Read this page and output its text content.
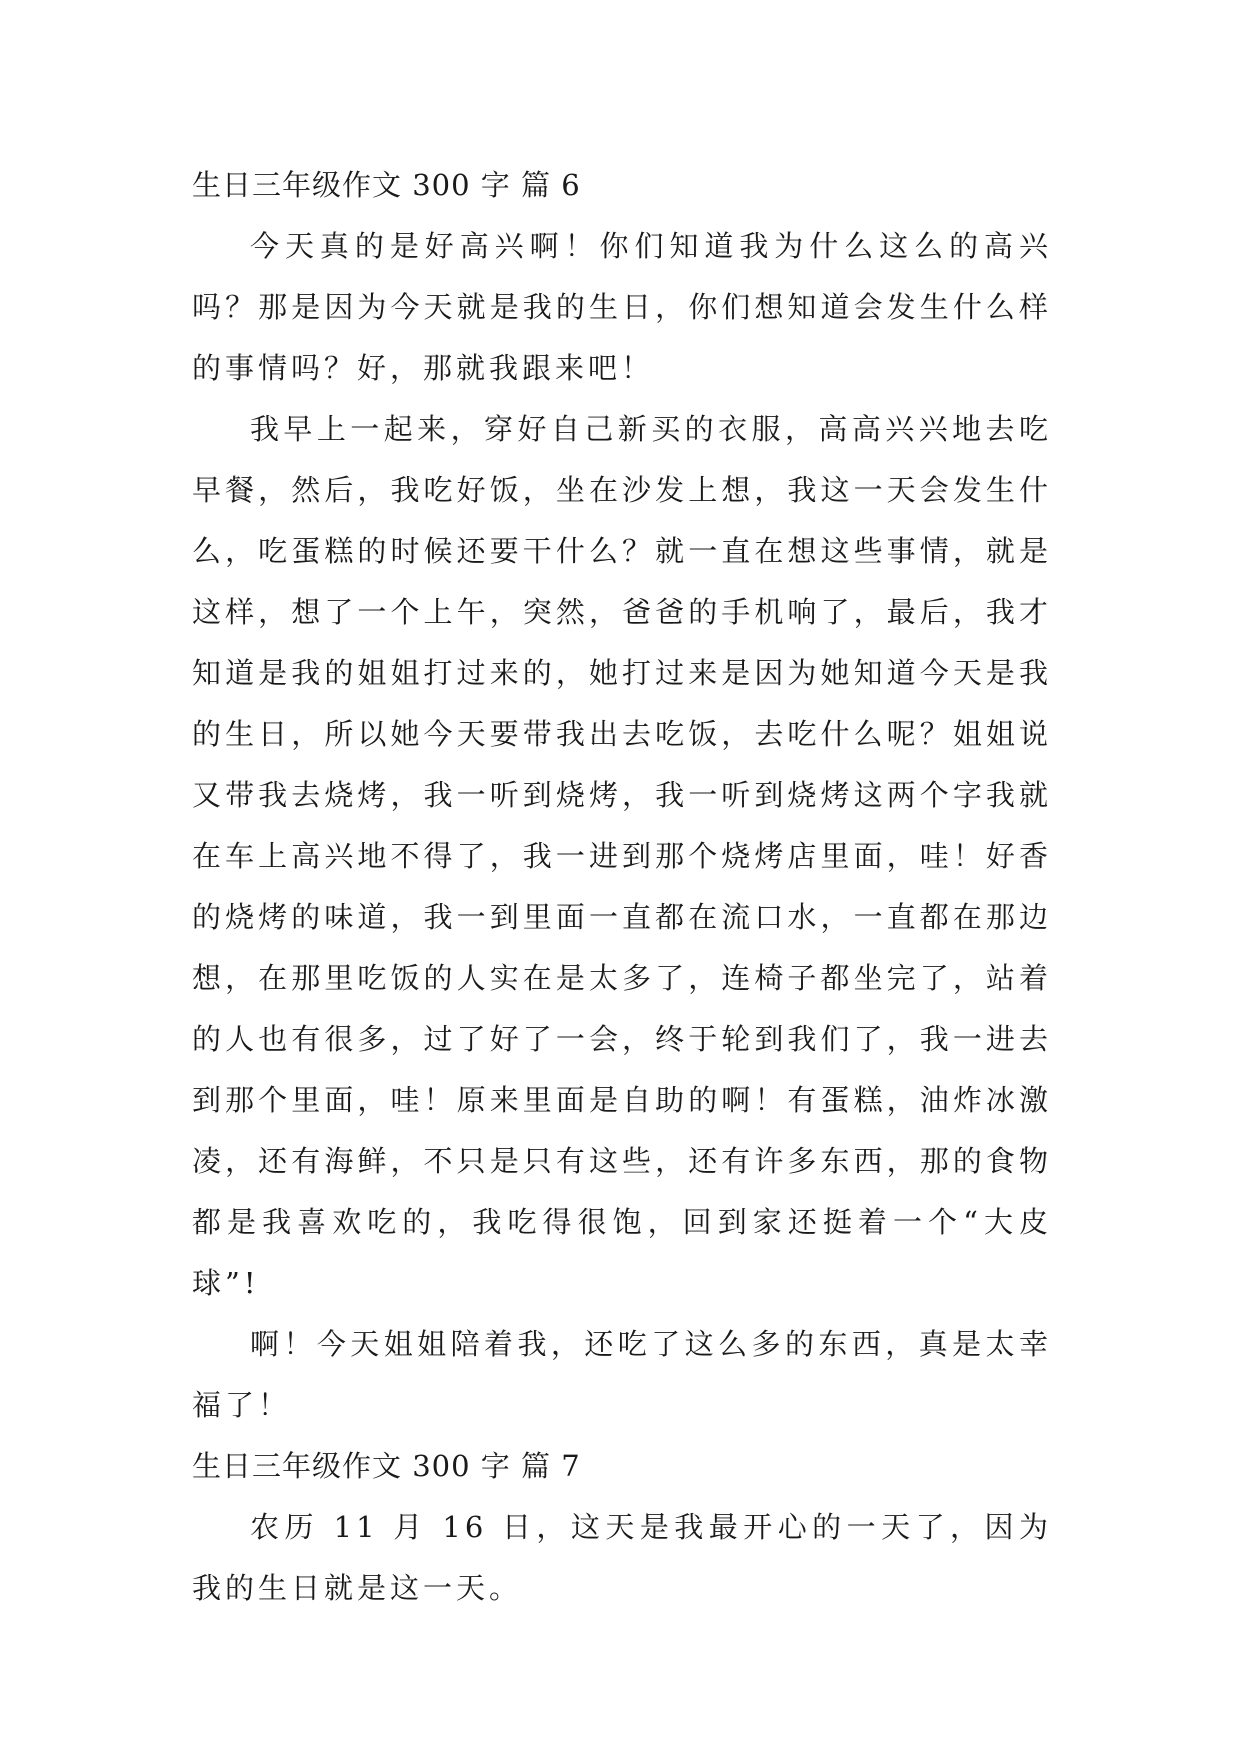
生日三年级作文 300 字 篇 6

今天真的是好高兴啊！你们知道我为什么这么的高兴吗？那是因为今天就是我的生日，你们想知道会发生什么样的事情吗？好，那就我跟来吧！

我早上一起来，穿好自己新买的衣服，高高兴兴地去吃早餐，然后，我吃好饭，坐在沙发上想，我这一天会发生什么，吃蛋糕的时候还要干什么？就一直在想这些事情，就是这样，想了一个上午，突然，爸爸的手机响了，最后，我才知道是我的姐姐打过来的，她打过来是因为她知道今天是我的生日，所以她今天要带我出去吃饭，去吃什么呢？姐姐说又带我去烧烤，我一听到烧烤，我一听到烧烤这两个字我就在车上高兴地不得了，我一进到那个烧烤店里面，哇！好香的烧烤的味道，我一到里面一直都在流口水，一直都在那边想，在那里吃饭的人实在是太多了，连椅子都坐完了，站着的人也有很多，过了好了一会，终于轮到我们了，我一进去到那个里面，哇！原来里面是自助的啊！有蛋糕，油炸冰激凌，还有海鲜，不只是只有这些，还有许多东西，那的食物都是我喜欢吃的，我吃得很饱，回到家还挺着一个“大皮球”!

啊！今天姐姐陪着我，还吃了这么多的东西，真是太幸福了！

生日三年级作文 300 字 篇 7

农历 11 月 16 日，这天是我最开心的一天了，因为我的生日就是这一天。
